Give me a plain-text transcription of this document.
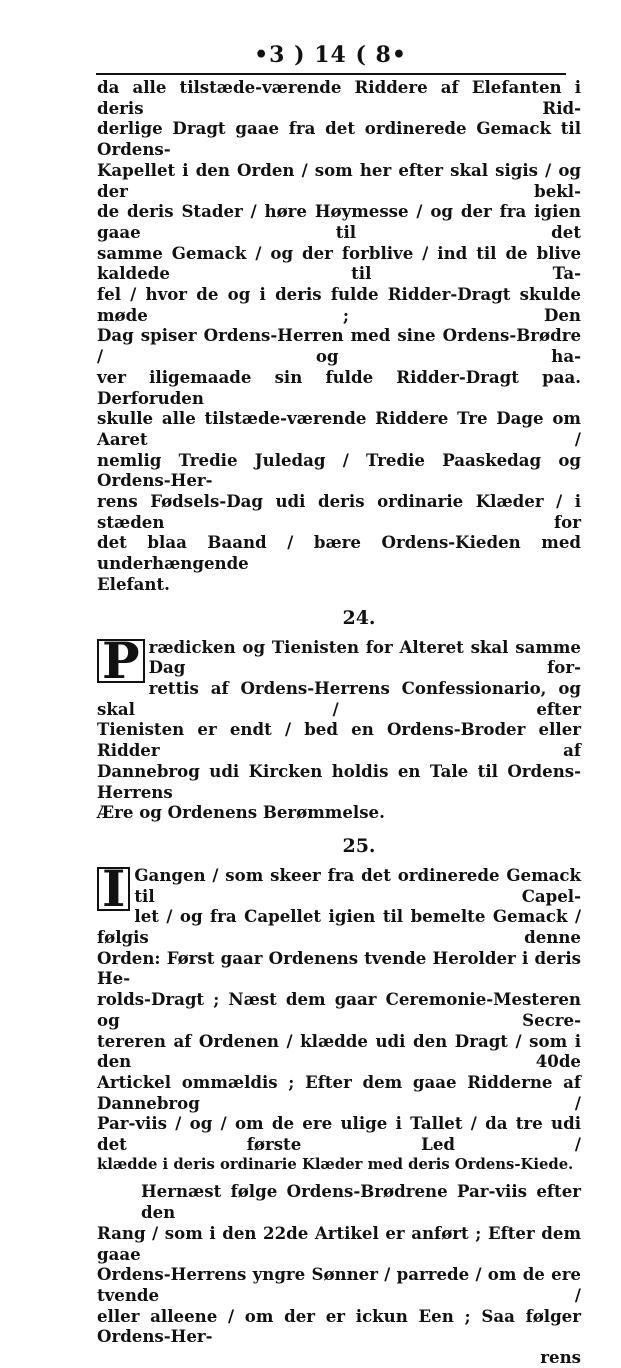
•3 ) 14 ( 8•
da alle tilstæde-værende Riddere af Elefanten i deris Rid-
derlige Dragt gaae fra det ordinerede Gemack til Ordens-
Kapellet i den Orden / som her efter skal sigis / og der bekl-
de deris Stader / høre Høymesse / og der fra igien gaae til det
samme Gemack / og der forblive / ind til de blive kaldede til Ta-
fel / hvor de og i deris fulde Ridder-Dragt skulde møde ; Den
Dag spiser Ordens-Herren med sine Ordens-Brødre / og ha-
ver iligemaade sin fulde Ridder-Dragt paa. Derforuden
skulle alle tilstæde-værende Riddere Tre Dage om Aaret /
nemlig Tredie Juledag / Tredie Paaskedag og Ordens-Her-
rens Fødsels-Dag udi deris ordinarie Klæder / i stæden for
det blaa Baand / bære Ordens-Kieden med underhængende
Elefant.
24.
P rædicken og Tienisten for Alteret skal samme Dag for-
rettis af Ordens-Herrens Confessionario, og skal / efter
Tienisten er endt / bed en Ordens-Broder eller Ridder af
Dannebrog udi Kircken holdis en Tale til Ordens-Herrens
Ære og Ordenens Berømmelse.
25.
I Gangen / som skeer fra det ordinerede Gemack til Capel-
let / og fra Capellet igien til bemelte Gemack / følgis denne
Orden: Først gaar Ordenens tvende Herolder i deris He-
rolds-Dragt ; Næst dem gaar Ceremonie-Mesteren og Secre-
tereren af Ordenen / klædde udi den Dragt / som i den 40de
Artickel ommældis ; Efter dem gaae Ridderne af Dannebrog /
Par-viis / og / om de ere ulige i Tallet / da tre udi det første Led /
klædde i deris ordinarie Klæder med deris Ordens-Kiede.
Hernæst følge Ordens-Brødrene Par-viis efter den
Rang / som i den 22de Artikel er anført ; Efter dem gaae
Ordens-Herrens yngre Sønner / parrede / om de ere tvende /
eller alleene / om der er ickun Een ; Saa følger Ordens-Her-
rens
